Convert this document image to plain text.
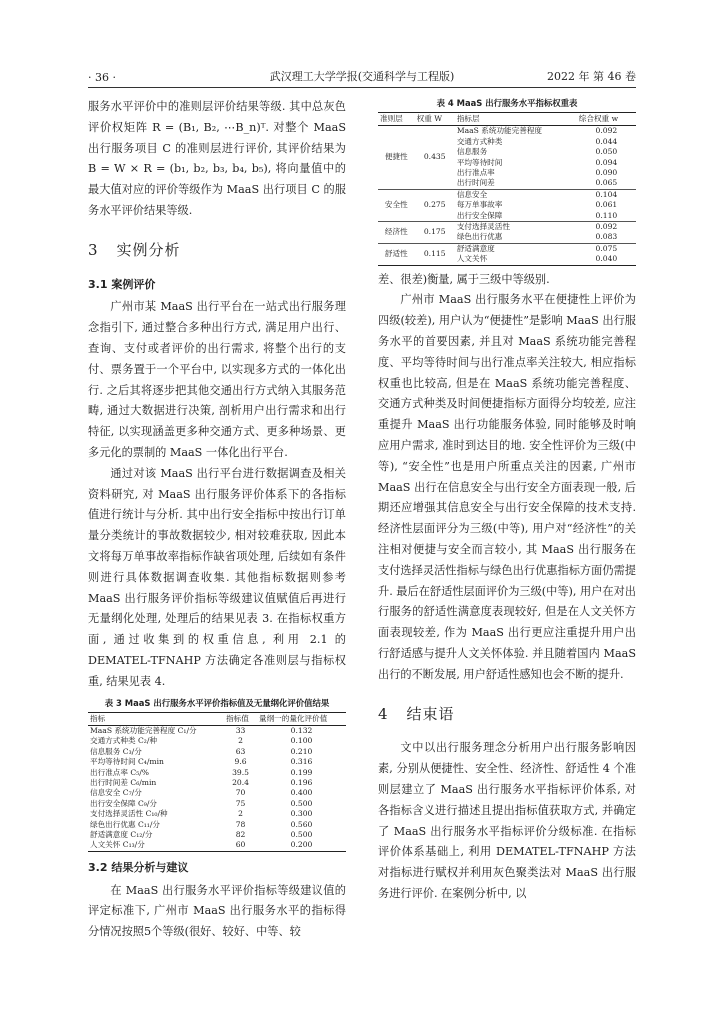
· 36 ·	武汉理工大学学报(交通科学与工程版)	2022 年 第 46 卷

服务水平评价中的准则层评价结果等级. 其中总灰色评价权矩阵 R = (B₁, B₂, ⋯B_n)ᵀ. 对整个 MaaS 出行服务项目 C 的准则层进行评价, 其评价结果为 B = W × R = (b₁, b₂, b₃, b₄, b₅), 将向量值中的最大值对应的评价等级作为 MaaS 出行项目 C 的服务水平评价结果等级.

3 实例分析
3.1 案例评价

广州市某 MaaS 出行平台在一站式出行服务理念指引下, 通过整合多种出行方式, 满足用户出行、查询、支付或者评价的出行需求, 将整个出行的支付、票务置于一个平台中, 以实现多方式的一体化出行. 之后其将逐步把其他交通出行方式纳入其服务范畴, 通过大数据进行决策, 剖析用户出行需求和出行特征, 以实现涵盖更多种交通方式、更多种场景、更多元化的票制的 MaaS 一体化出行平台.

通过对该 MaaS 出行平台进行数据调查及相关资料研究, 对 MaaS 出行服务评价体系下的各指标值进行统计与分析. 其中出行安全指标中按出行订单量分类统计的事故数据较少, 相对较难获取, 因此本文将每万单事故率指标作缺省项处理, 后续如有条件则进行具体数据调查收集. 其他指标数据则参考 MaaS 出行服务评价指标等级建议值赋值后再进行无量纲化处理, 处理后的结果见表 3. 在指标权重方面, 通过收集到的权重信息, 利用 2.1 的 DEMATEL-TFNAHP 方法确定各准则层与指标权重, 结果见表 4.

表 3 MaaS 出行服务水平评价指标值及无量纲化评价值结果
指标	指标值	量纲一的量化评价值
MaaS 系统功能完善程度 C₁/分	33	0.132
交通方式种类 C₂/种	2	0.100
信息服务 C₃/分	63	0.210
平均等待时间 C₄/min	9.6	0.316
出行准点率 C₅/%	39.5	0.199
出行时间差 C₆/min	20.4	0.196
信息安全 C₇/分	70	0.400
出行安全保障 C₉/分	75	0.500
支付选择灵活性 C₁₀/种	2	0.300
绿色出行优惠 C₁₁/分	78	0.560
舒适满意度 C₁₂/分	82	0.500
人文关怀 C₁₃/分	60	0.200
3.2 结果分析与建议

在 MaaS 出行服务水平评价指标等级建议值的评定标准下, 广州市 MaaS 出行服务水平的指标得分情况按照5个等级(很好、较好、中等、较

表 4 MaaS 出行服务水平指标权重表
准则层	权重 W	指标层	综合权重 w
便捷性	0.435	MaaS 系统功能完善程度	0.092
		交通方式种类	0.044
		信息服务	0.050
		平均等待时间	0.094
		出行准点率	0.090
		出行时间差	0.065
安全性	0.275	信息安全	0.104
		每万单事故率	0.061
		出行安全保障	0.110
经济性	0.175	支付选择灵活性	0.092
		绿色出行优惠	0.083
舒适性	0.115	舒适满意度	0.075
		人文关怀	0.040

差、很差)衡量, 属于三级中等级别.

广州市 MaaS 出行服务水平在便捷性上评价为四级(较差), 用户认为“便捷性”是影响 MaaS 出行服务水平的首要因素, 并且对 MaaS 系统功能完善程度、平均等待时间与出行准点率关注较大, 相应指标权重也比较高, 但是在 MaaS 系统功能完善程度、交通方式种类及时间便捷指标方面得分均较差, 应注重提升 MaaS 出行功能服务体验, 同时能够及时响应用户需求, 准时到达目的地. 安全性评价为三级(中等), “安全性”也是用户所重点关注的因素, 广州市 MaaS 出行在信息安全与出行安全方面表现一般, 后期还应增强其信息安全与出行安全保障的技术支持. 经济性层面评分为三级(中等), 用户对“经济性”的关注相对便捷与安全而言较小, 其 MaaS 出行服务在支付选择灵活性指标与绿色出行优惠指标方面仍需提升. 最后在舒适性层面评价为三级(中等), 用户在对出行服务的舒适性满意度表现较好, 但是在人文关怀方面表现较差, 作为 MaaS 出行更应注重提升用户出行舒适感与提升人文关怀体验. 并且随着国内 MaaS 出行的不断发展, 用户舒适性感知也会不断的提升.

4 结束语

文中以出行服务理念分析用户出行服务影响因素, 分别从便捷性、安全性、经济性、舒适性 4 个准则层建立了 MaaS 出行服务水平指标评价体系, 对各指标含义进行描述且提出指标值获取方式, 并确定了 MaaS 出行服务水平指标评价分级标准. 在指标评价体系基础上, 利用 DEMATEL-TFNAHP 方法对指标进行赋权并利用灰色聚类法对 MaaS 出行服务进行评价. 在案例分析中, 以
